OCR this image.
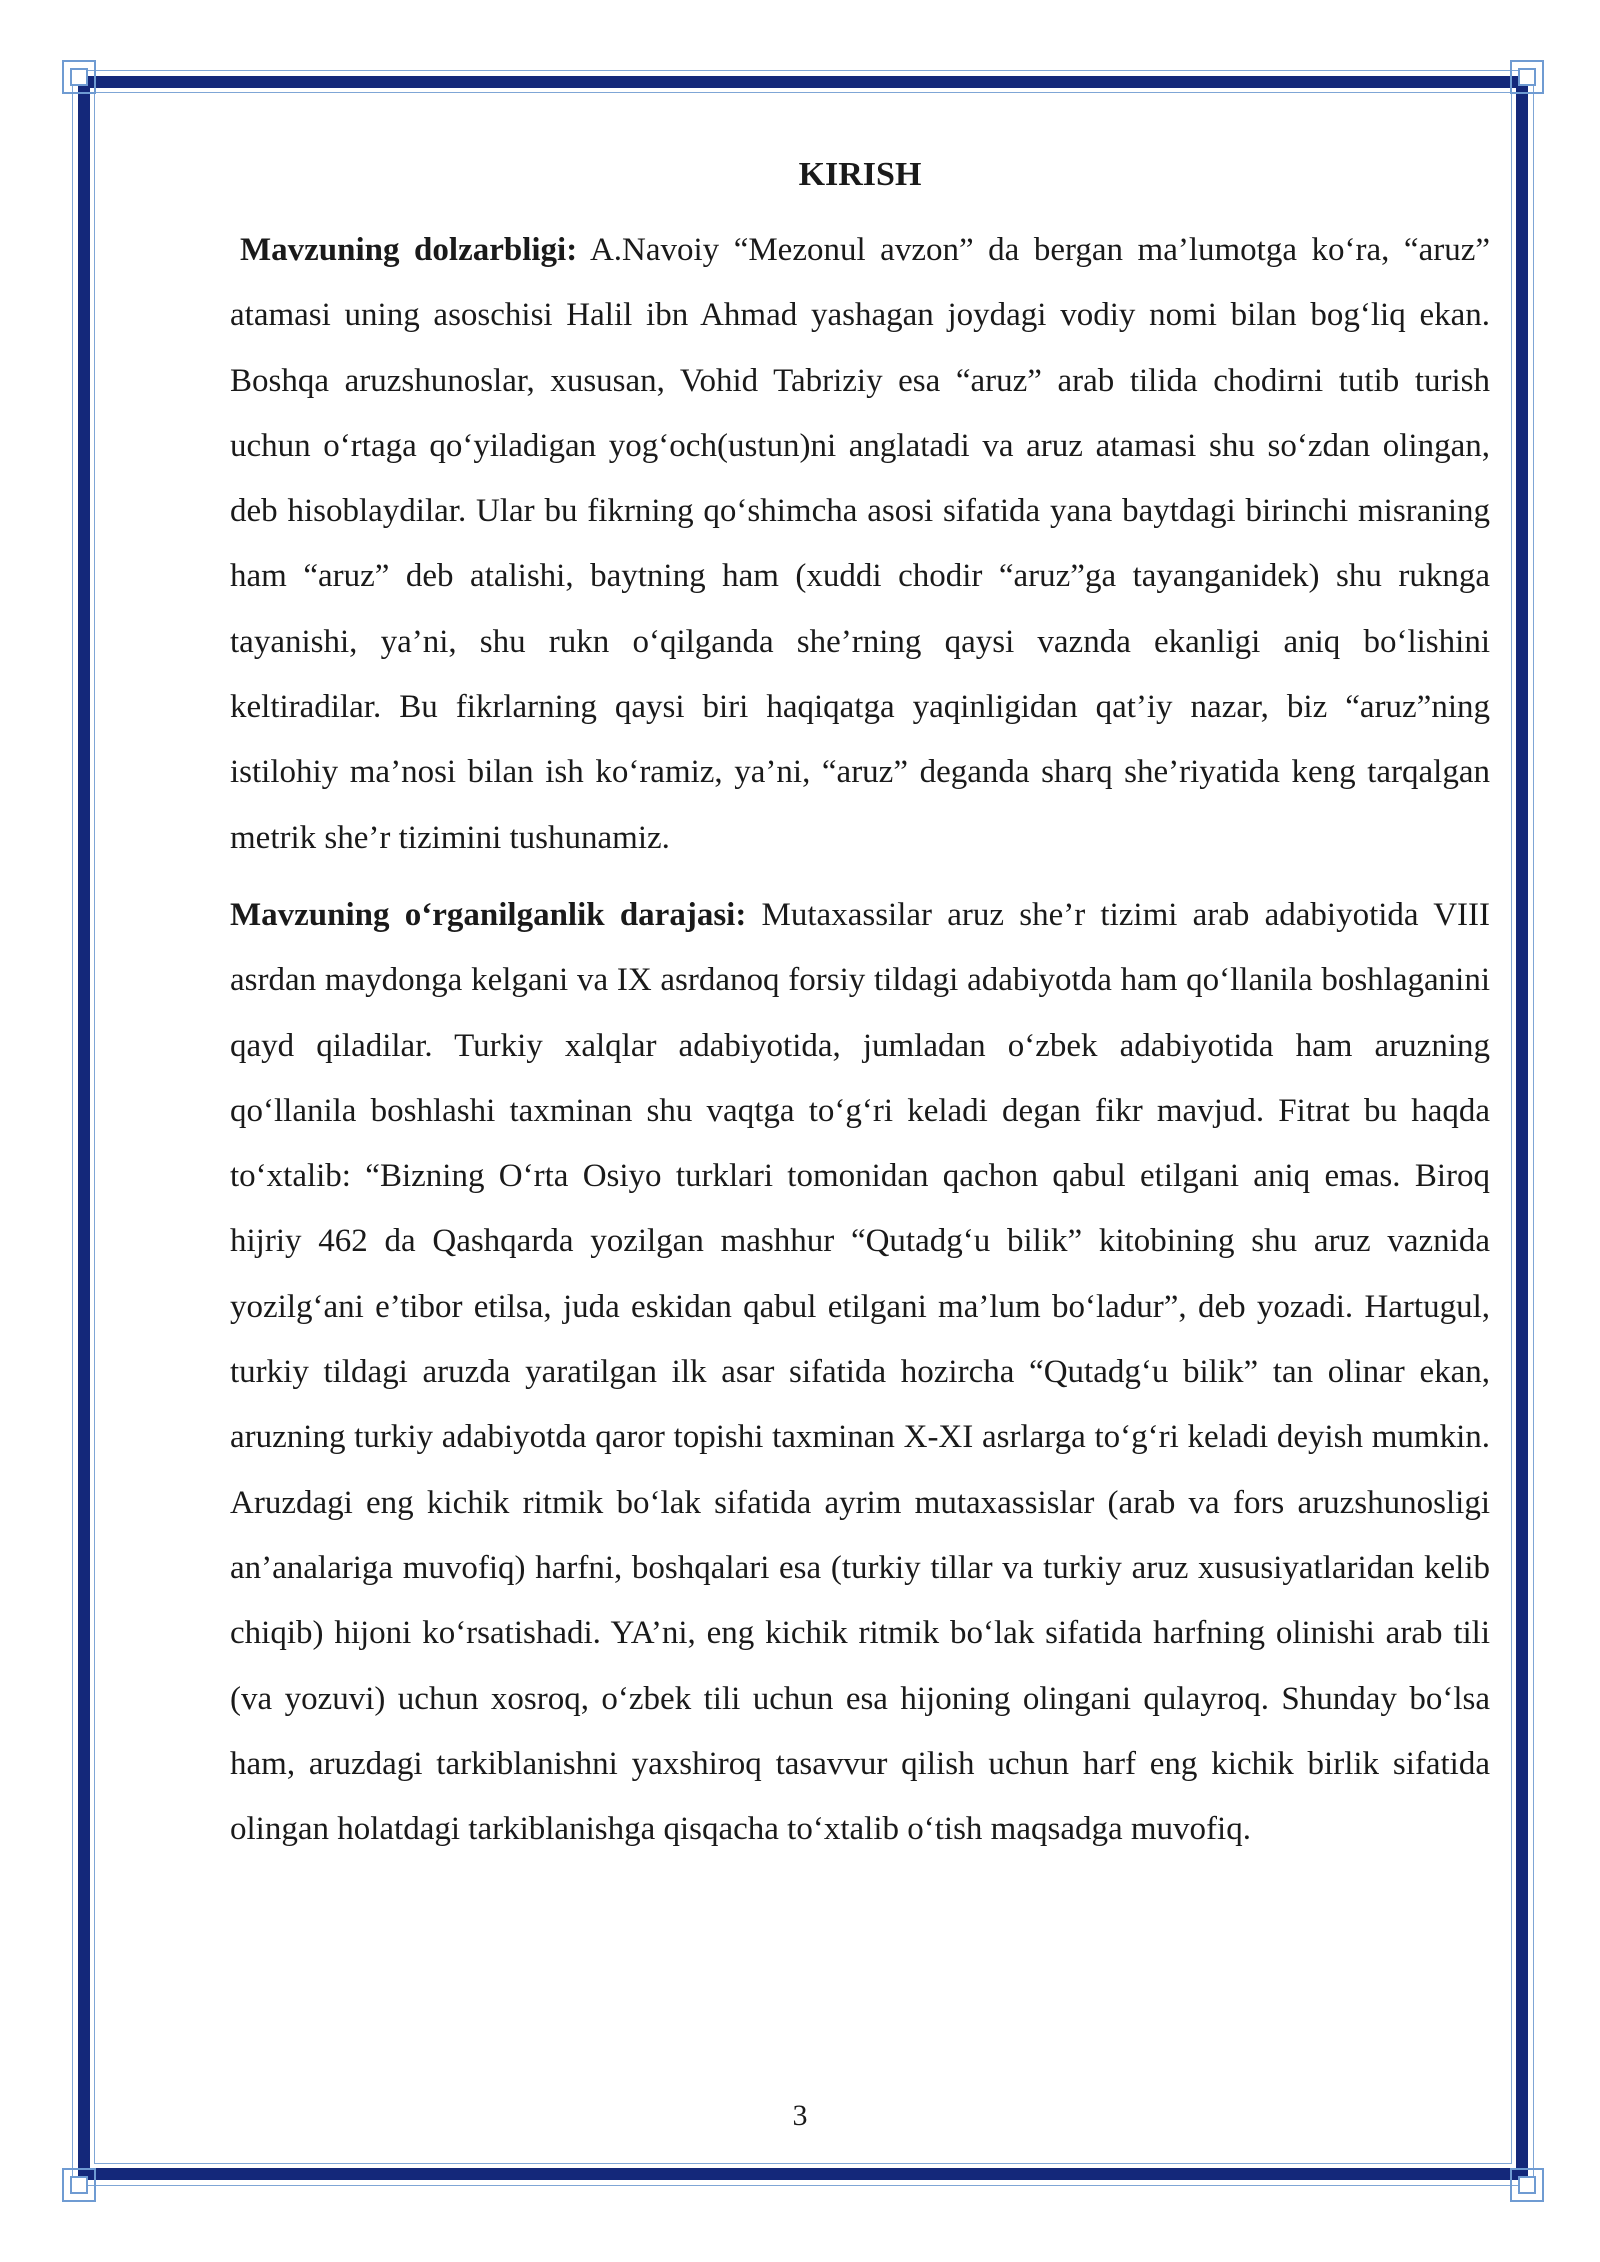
KIRISH

Mavzuning dolzarbligi: A.Navoiy “Mezonul avzon” da bergan ma’lumotga ko‘ra, “aruz” atamasi uning asoschisi Halil ibn Ahmad yashagan joydagi vodiy nomi bilan bog‘liq ekan. Boshqa aruzshunoslar, xususan, Vohid Tabriziy esa “aruz” arab tilida chodirni tutib turish uchun o‘rtaga qo‘yiladigan yog‘och(ustun)ni anglatadi va aruz atamasi shu so‘zdan olingan, deb hisoblaydilar. Ular bu fikrning qo‘shimcha asosi sifatida yana baytdagi birinchi misraning ham “aruz” deb atalishi, baytning ham (xuddi chodir “aruz”ga tayanganidek) shu ruknga tayanishi, ya’ni, shu rukn o‘qilganda she’rning qaysi vaznda ekanligi aniq bo‘lishini keltiradilar. Bu fikrlarning qaysi biri haqiqatga yaqinligidan qat’iy nazar, biz “aruz”ning istilohiy ma’nosi bilan ish ko‘ramiz, ya’ni, “aruz” deganda sharq she’riyatida keng tarqalgan metrik she’r tizimini tushunamiz.

Mavzuning o‘rganilganlik darajasi: Mutaxassilar aruz she’r tizimi arab adabiyotida VIII asrdan maydonga kelgani va IX asrdanoq forsiy tildagi adabiyotda ham qo‘llanila boshlaganini qayd qiladilar. Turkiy xalqlar adabiyotida, jumladan o‘zbek adabiyotida ham aruzning qo‘llanila boshlashi taxminan shu vaqtga to‘g‘ri keladi degan fikr mavjud. Fitrat bu haqda to‘xtalib: “Bizning O‘rta Osiyo turklari tomonidan qachon qabul etilgani aniq emas. Biroq hijriy 462 da Qashqarda yozilgan mashhur “Qutadg‘u bilik” kitobining shu aruz vaznida yozilg‘ani e’tibor etilsa, juda eskidan qabul etilgani ma’lum bo‘ladur”, deb yozadi. Hartugul, turkiy tildagi aruzda yaratilgan ilk asar sifatida hozircha “Qutadg‘u bilik” tan olinar ekan, aruzning turkiy adabiyotda qaror topishi taxminan X-XI asrlarga to‘g‘ri keladi deyish mumkin. Aruzdagi eng kichik ritmik bo‘lak sifatida ayrim mutaxassislar (arab va fors aruzshunosligi an’analariga muvofiq) harfni, boshqalari esa (turkiy tillar va turkiy aruz xususiyatlaridan kelib chiqib) hijoni ko‘rsatishadi. YA’ni, eng kichik ritmik bo‘lak sifatida harfning olinishi arab tili (va yozuvi) uchun xosroq, o‘zbek tili uchun esa hijoning olingani qulayroq. Shunday bo‘lsa ham, aruzdagi tarkiblanishni yaxshiroq tasavvur qilish uchun harf eng kichik birlik sifatida olingan holatdagi tarkiblanishga qisqacha to‘xtalib o‘tish maqsadga muvofiq.

3
